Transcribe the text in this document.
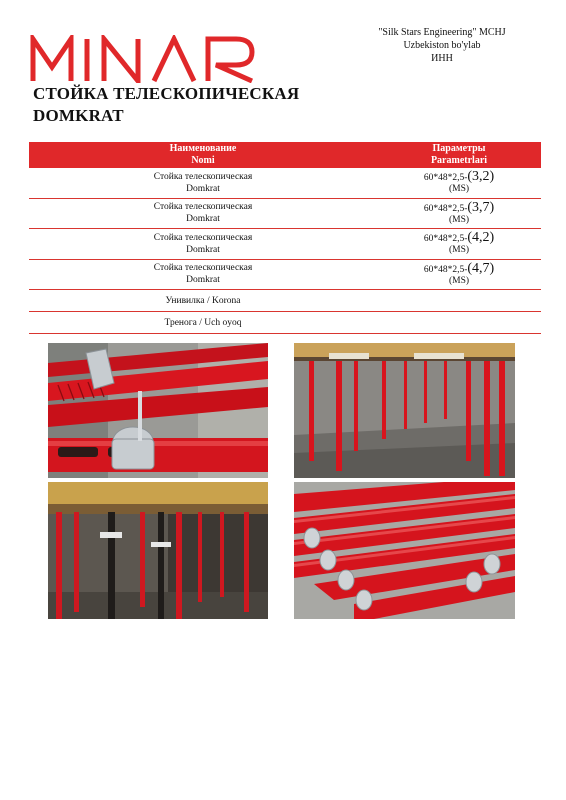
"Silk Stars Engineering" MCHJ
Uzbekiston bo'ylab
ИНН
СТОЙКА ТЕЛЕСКОПИЧЕСКАЯ
DOMKRAT
Наименование
Nomi
Параметры
Parametrlari
Стойка телескопическая
Domkrat
60*48*2,5-(3,2)
(MS)
Стойка телескопическая
Domkrat
60*48*2,5-(3,7)
(MS)
Стойка телескопическая
Domkrat
60*48*2,5-(4,2)
(MS)
Стойка телескопическая
Domkrat
60*48*2,5-(4,7)
(MS)
Унивилка / Korona
Тренога / Uch oyoq
